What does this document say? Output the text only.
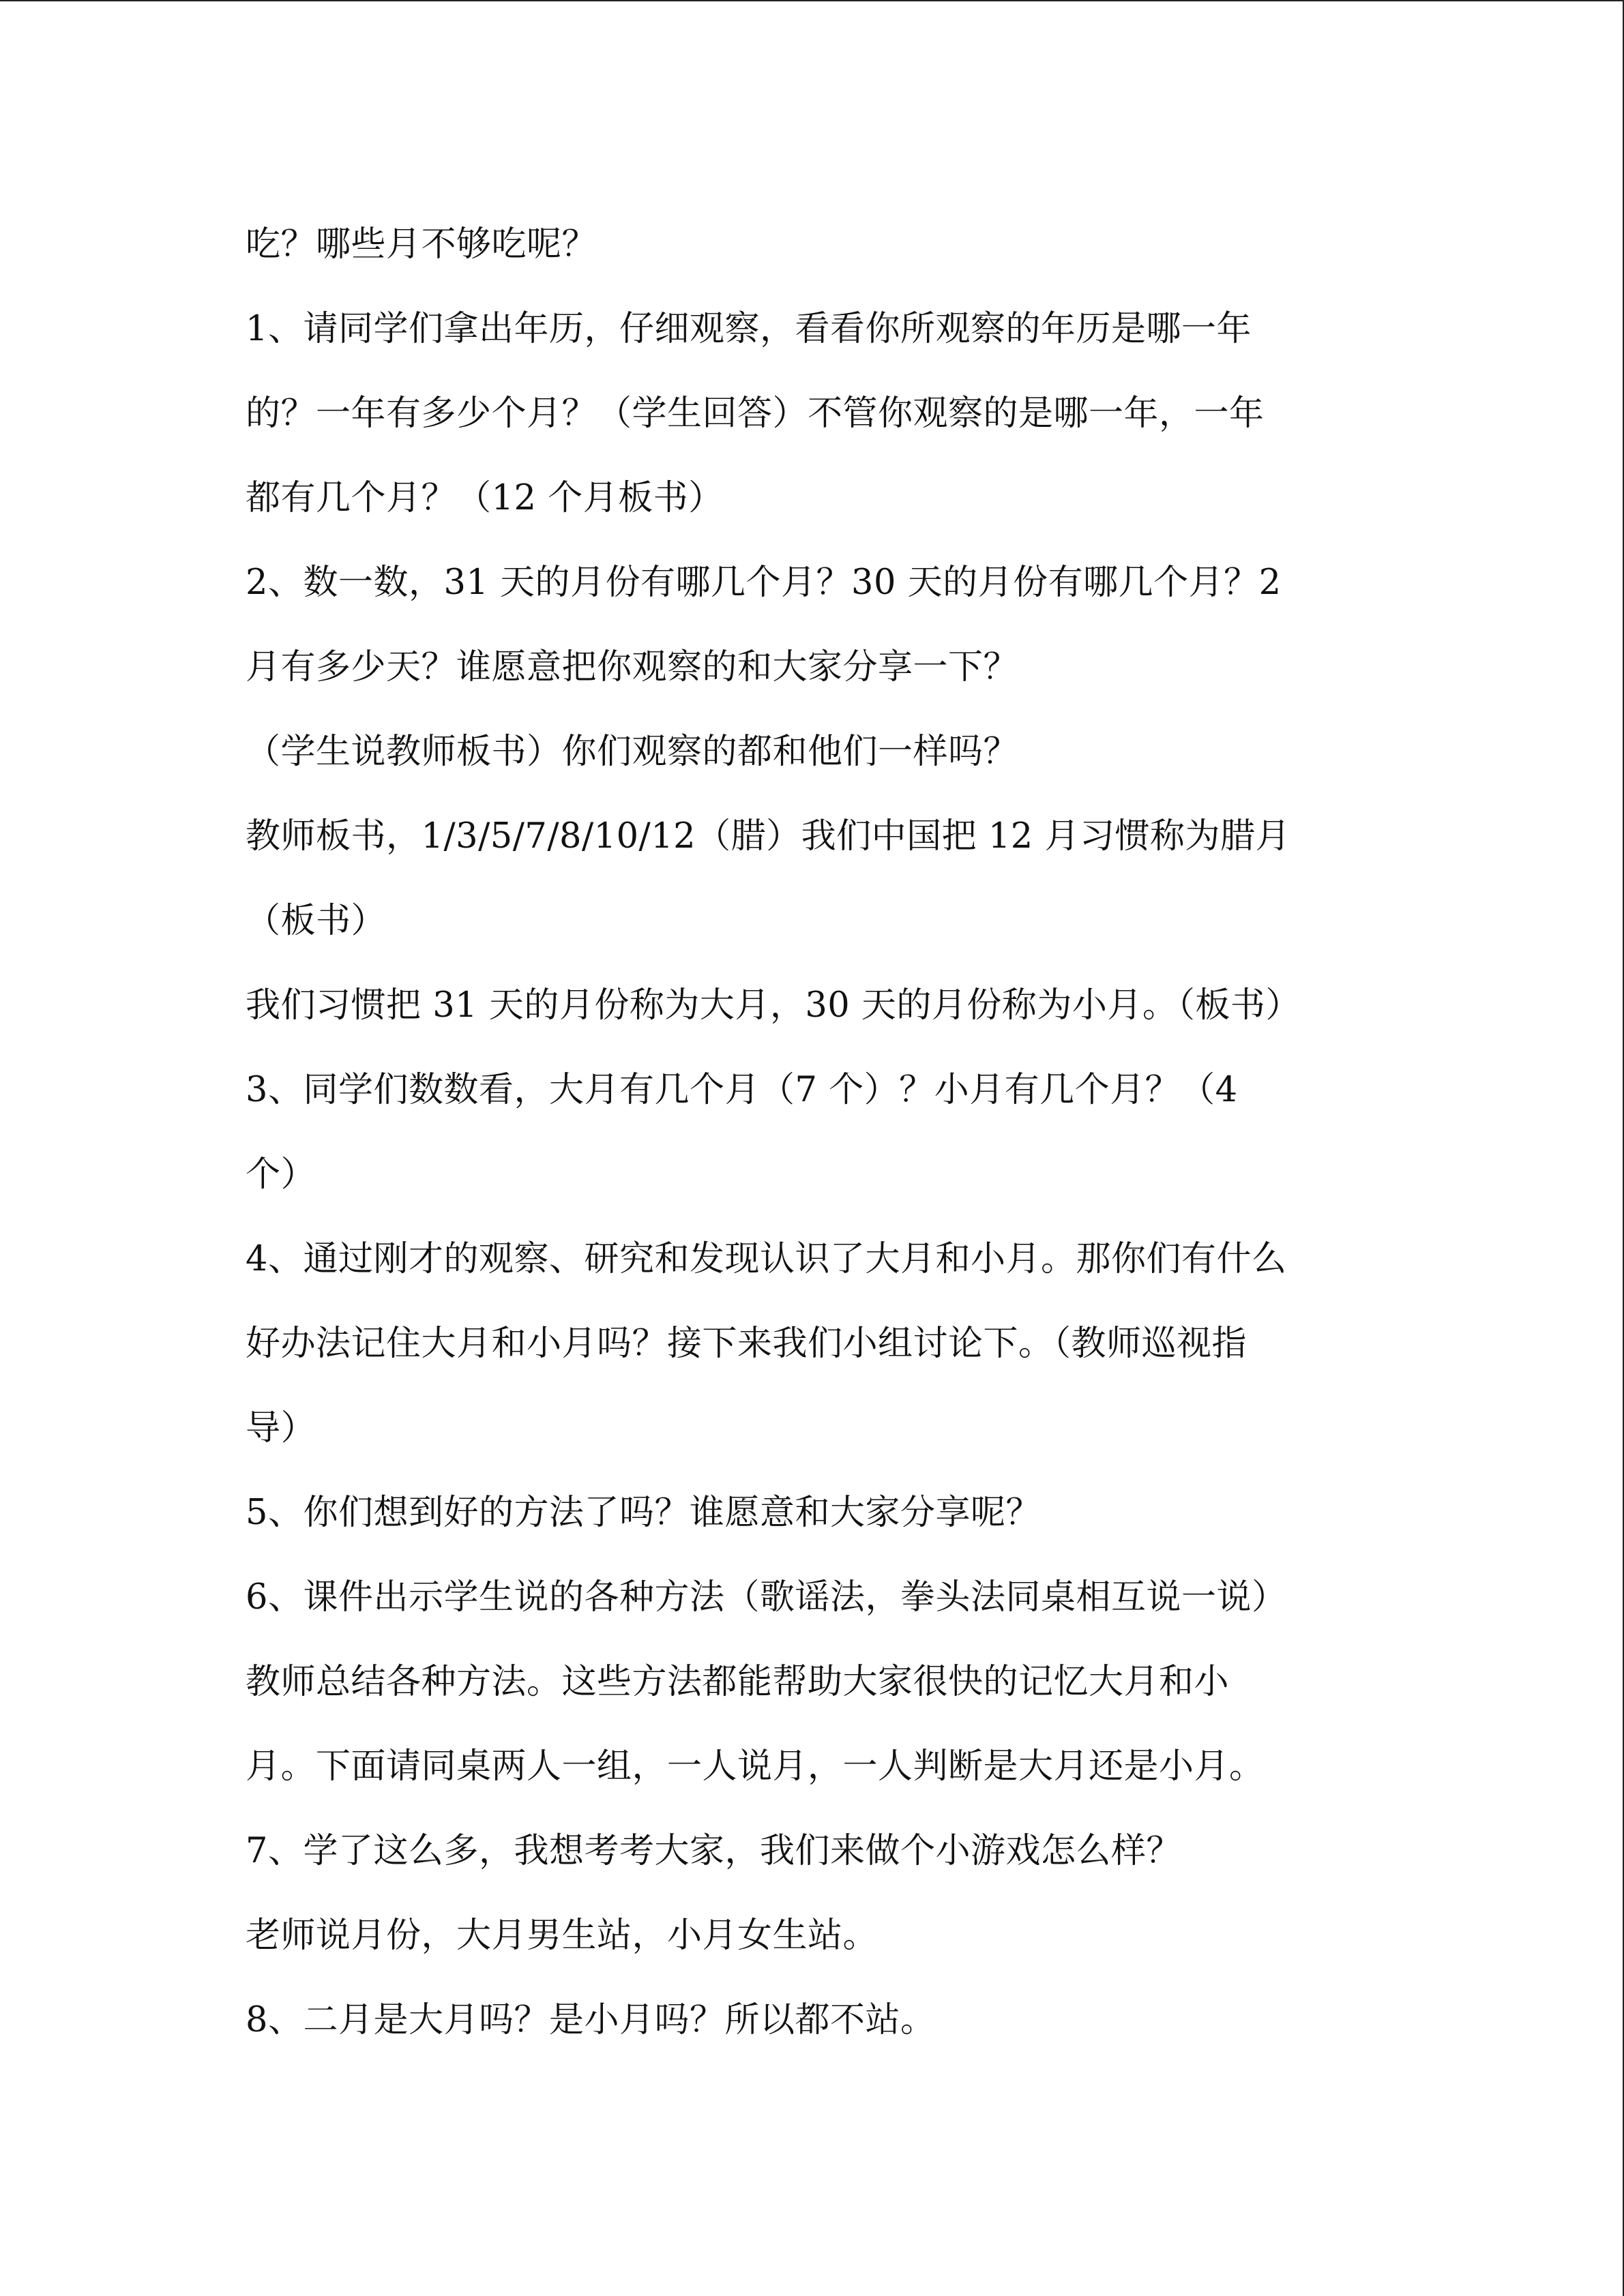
吃？哪些月不够吃呢？
1、请同学们拿出年历，仔细观察，看看你所观察的年历是哪一年
的？一年有多少个月？（学生回答）不管你观察的是哪一年，一年
都有几个月？（12 个月板书）
2、数一数，31 天的月份有哪几个月？30 天的月份有哪几个月？2
月有多少天？谁愿意把你观察的和大家分享一下？
（学生说教师板书）你们观察的都和他们一样吗？
教师板书，1/3/5/7/8/10/12（腊）我们中国把 12 月习惯称为腊月
（板书）
我们习惯把 31 天的月份称为大月，30 天的月份称为小月。（板书）
3、同学们数数看，大月有几个月（7 个）？小月有几个月？（4
个）
4、通过刚才的观察、研究和发现认识了大月和小月。那你们有什么
好办法记住大月和小月吗？接下来我们小组讨论下。（教师巡视指
导）
5、你们想到好的方法了吗？谁愿意和大家分享呢？
6、课件出示学生说的各种方法（歌谣法，拳头法同桌相互说一说）
教师总结各种方法。这些方法都能帮助大家很快的记忆大月和小
月。下面请同桌两人一组，一人说月，一人判断是大月还是小月。
7、学了这么多，我想考考大家，我们来做个小游戏怎么样？
老师说月份，大月男生站，小月女生站。
8、二月是大月吗？是小月吗？所以都不站。
